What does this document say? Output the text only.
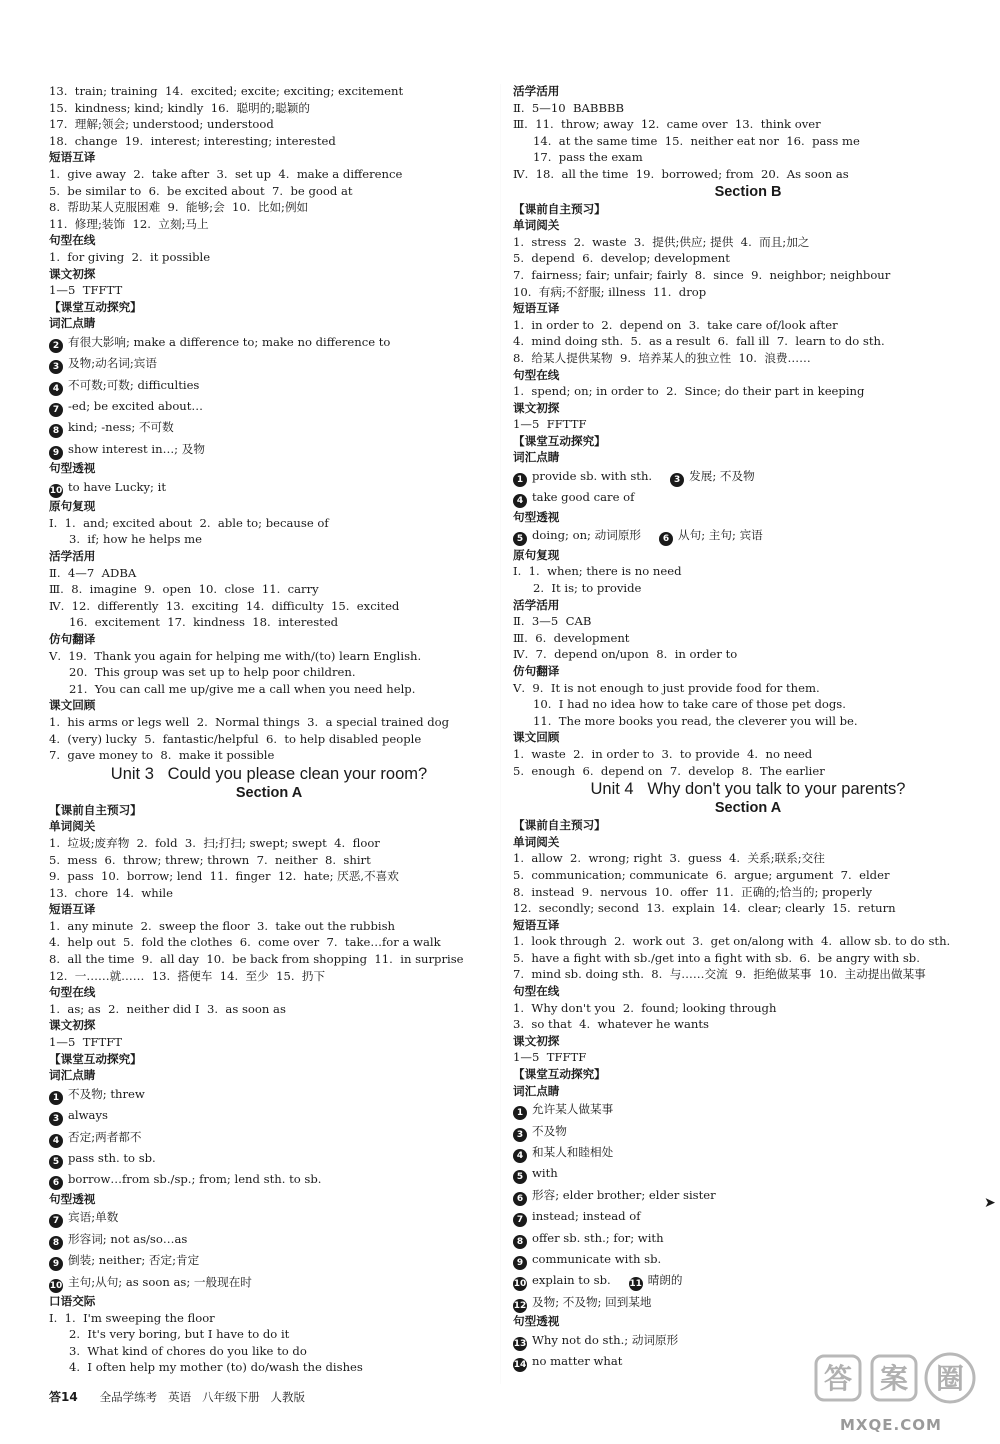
13.  train; training  14.  excited; excite; exciting; excitement
15.  kindness; kind; kindly  16.  聪明的;聪颖的
17.  理解;领会; understood; understood
18.  change  19.  interest; interesting; interested
短语互译
1.  give away  2.  take after  3.  set up  4.  make a difference
5.  be similar to  6.  be excited about  7.  be good at
8.  帮助某人克服困难  9.  能够;会  10.  比如;例如
11.  修理;装饰  12.  立刻;马上
句型在线
1.  for giving  2.  it possible
课文初探
1—5  TFFTT
【课堂互动探究】
词汇点睛
2 有很大影响; make a difference to; make no difference to
3 及物;动名词;宾语
4 不可数;可数; difficulties
7 -ed; be excited about…
8 kind; -ness; 不可数
9 show interest in…; 及物
句型透视
10 to have Lucky; it
原句复现
Ⅰ.  1.  and; excited about  2.  able to; because of
3.  if; how he helps me
活学活用
Ⅱ.  4—7  ADBA
Ⅲ.  8.  imagine  9.  open  10.  close  11.  carry
Ⅳ.  12.  differently  13.  exciting  14.  difficulty  15.  excited
16.  excitement  17.  kindness  18.  interested
仿句翻译
Ⅴ.  19.  Thank you again for helping me with/(to) learn English.
20.  This group was set up to help poor children.
21.  You can call me up/give me a call when you need help.
课文回顾
1.  his arms or legs well  2.  Normal things  3.  a special trained dog
4.  (very) lucky  5.  fantastic/helpful  6.  to help disabled people
7.  gave money to  8.  make it possible
Unit 3   Could you please clean your room?
Section A
【课前自主预习】
单词阅关
1.  垃圾;废弃物  2.  fold  3.  扫;打扫; swept; swept  4.  floor
5.  mess  6.  throw; threw; thrown  7.  neither  8.  shirt
9.  pass  10.  borrow; lend  11.  finger  12.  hate; 厌恶,不喜欢
13.  chore  14.  while
短语互译
1.  any minute  2.  sweep the floor  3.  take out the rubbish
4.  help out  5.  fold the clothes  6.  come over  7.  take…for a walk
8.  all the time  9.  all day  10.  be back from shopping  11.  in surprise
12.  一……就……  13.  搭便车  14.  至少  15.  扔下
句型在线
1.  as; as  2.  neither did I  3.  as soon as
课文初探
1—5  TFTFT
【课堂互动探究】
词汇点睛
1 不及物; threw
3 always
4 否定;两者都不
5 pass sth. to sb.
6 borrow…from sb./sp.; from; lend sth. to sb.
句型透视
7 宾语;单数
8 形容词; not as/so…as
9 倒装; neither; 否定;肯定
10 主句;从句; as soon as; 一般现在时
口语交际
Ⅰ.  1.  I'm sweeping the floor
2.  It's very boring, but I have to do it
3.  What kind of chores do you like to do
4.  I often help my mother (to) do/wash the dishes
活学活用
Ⅱ.  5—10  BABBBB
Ⅲ.  11.  throw; away  12.  came over  13.  think over
14.  at the same time  15.  neither eat nor  16.  pass me
17.  pass the exam
Ⅳ.  18.  all the time  19.  borrowed; from  20.  As soon as
Section B
【课前自主预习】
单词阅关
1.  stress  2.  waste  3.  提供;供应; 提供  4.  而且;加之
5.  depend  6.  develop; development
7.  fairness; fair; unfair; fairly  8.  since  9.  neighbor; neighbour
10.  有病;不舒服; illness  11.  drop
短语互译
1.  in order to  2.  depend on  3.  take care of/look after
4.  mind doing sth.  5.  as a result  6.  fall ill  7.  learn to do sth.
8.  给某人提供某物  9.  培养某人的独立性  10.  浪费……
句型在线
1.  spend; on; in order to  2.  Since; do their part in keeping
课文初探
1—5  FFTTF
【课堂互动探究】
词汇点睛
1 provide sb. with sth. 3 发展; 不及物
4 take good care of
句型透视
5 doing; on; 动词原形 6 从句; 主句; 宾语
原句复现
Ⅰ.  1.  when; there is no need
2.  It is; to provide
活学活用
Ⅱ.  3—5  CAB
Ⅲ.  6.  development
Ⅳ.  7.  depend on/upon  8.  in order to
仿句翻译
Ⅴ.  9.  It is not enough to just provide food for them.
10.  I had no idea how to take care of those pet dogs.
11.  The more books you read, the cleverer you will be.
课文回顾
1.  waste  2.  in order to  3.  to provide  4.  no need
5.  enough  6.  depend on  7.  develop  8.  The earlier
Unit 4   Why don't you talk to your parents?
Section A
【课前自主预习】
单词阅关
1.  allow  2.  wrong; right  3.  guess  4.  关系;联系;交往
5.  communication; communicate  6.  argue; argument  7.  elder
8.  instead  9.  nervous  10.  offer  11.  正确的;恰当的; properly
12.  secondly; second  13.  explain  14.  clear; clearly  15.  return
短语互译
1.  look through  2.  work out  3.  get on/along with  4.  allow sb. to do sth.
5.  have a fight with sb./get into a fight with sb.  6.  be angry with sb.
7.  mind sb. doing sth.  8.  与……交流  9.  拒绝做某事  10.  主动提出做某事
句型在线
1.  Why don't you  2.  found; looking through
3.  so that  4.  whatever he wants
课文初探
1—5  TFFTF
【课堂互动探究】
词汇点睛
1 允许某人做某事
3 不及物
4 和某人和睦相处
5 with
6 形容; elder brother; elder sister
7 instead; instead of
8 offer sb. sth.; for; with
9 communicate with sb.
10 explain to sb. 11 晴朗的
12 及物; 不及物; 回到某地
句型透视
13 Why not do sth.; 动词原形
14 no matter what
答14 全品学练考 英语 八年级下册 人教版
答 案 圈
MXQE.COM
➤
